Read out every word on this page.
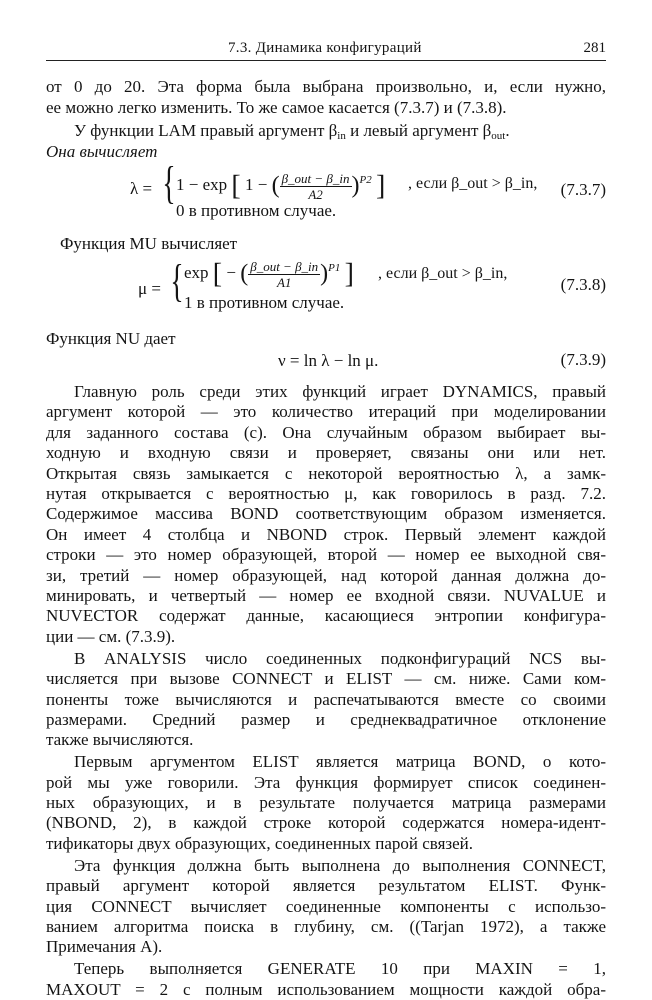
7.3. Динамика конфигураций	281
от 0 до 20. Эта форма была выбрана произвольно, и, если нужно,
ее можно легко изменить. То же самое касается (7.3.7) и (7.3.8).
У функции LAM правый аргумент $\beta_{in}$ и левый аргумент $\beta_{out}$.
Она вычисляет
λ = { 1 − exp [ 1 − ( $\frac{\text{β\_out − β\_in}}{A2} )^{P2}$ ] , если β_out > β_in,
0 в противном случае.
(7.3.7)
Функция MU вычисляет
μ = { exp [ − ( $\frac{\text{β\_out − β\_in}}{A1} )^{P1}$ ] , если β_out > β_in,
1 в противном случае.
(7.3.8)
Функция NU дает
ν = ln λ − ln μ.	(7.3.9)
Главную роль среди этих функций играет DYNAMICS, правый
аргумент которой — это количество итераций при моделировании
для заданного состава (c). Она случайным образом выбирает вы-
ходную и входную связи и проверяет, связаны они или нет.
Открытая связь замыкается с некоторой вероятностью λ, а замк-
нутая открывается с вероятностью μ, как говорилось в разд. 7.2.
Содержимое массива BOND соответствующим образом изменяется.
Он имеет 4 столбца и NBOND строк. Первый элемент каждой
строки — это номер образующей, второй — номер ее выходной свя-
зи, третий — номер образующей, над которой данная должна до-
минировать, и четвертый — номер ее входной связи. NUVALUE и
NUVECTOR содержат данные, касающиеся энтропии конфигура-
ции — см. (7.3.9).
В ANALYSIS число соединенных подконфигураций NCS вы-
числяется при вызове CONNECT и ELIST — см. ниже. Сами ком-
поненты тоже вычисляются и распечатываются вместе со своими
размерами. Средний размер и среднеквадратичное отклонение
также вычисляются.
Первым аргументом ELIST является матрица BOND, о кото-
рой мы уже говорили. Эта функция формирует список соединен-
ных образующих, и в результате получается матрица размерами
(NBOND, 2), в каждой строке которой содержатся номера-идент-
тификаторы двух образующих, соединенных парой связей.
Эта функция должна быть выполнена до выполнения CONNECT,
правый аргумент которой является результатом ELIST. Функ-
ция CONNECT вычисляет соединенные компоненты с использо-
ванием алгоритма поиска в глубину, см. ((Tarjan 1972), а также
Примечания А).
Теперь выполняется GENERATE 10 при MAXIN = 1,
MAXOUT = 2 с полным использованием мощности каждой обра-
